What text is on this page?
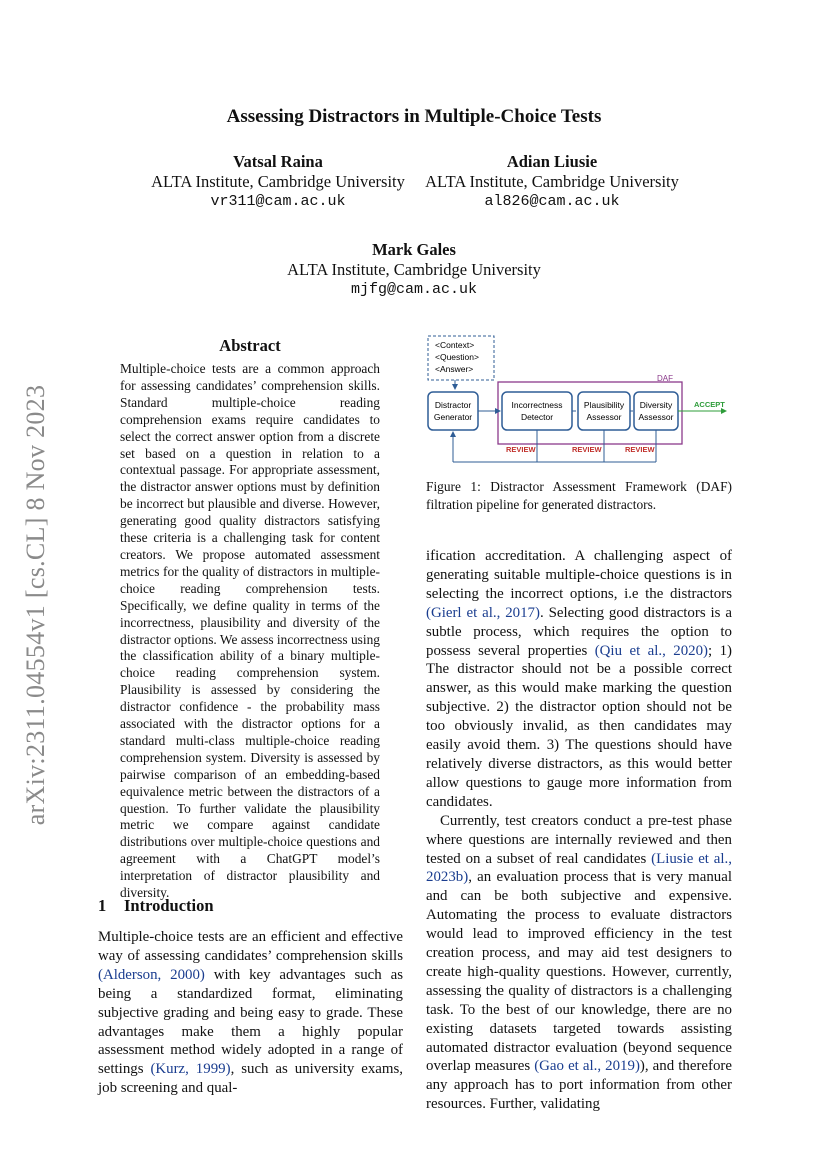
arXiv:2311.04554v1 [cs.CL] 8 Nov 2023
Assessing Distractors in Multiple-Choice Tests
Vatsal Raina
ALTA Institute, Cambridge University
vr311@cam.ac.uk
Adian Liusie
ALTA Institute, Cambridge University
al826@cam.ac.uk
Mark Gales
ALTA Institute, Cambridge University
mjfg@cam.ac.uk
Abstract
Multiple-choice tests are a common approach for assessing candidates’ comprehension skills. Standard multiple-choice reading comprehension exams require candidates to select the correct answer option from a discrete set based on a question in relation to a contextual passage. For appropriate assessment, the distractor answer options must by definition be incorrect but plausible and diverse. However, generating good quality distractors satisfying these criteria is a challenging task for content creators. We propose automated assessment metrics for the quality of distractors in multiple-choice reading comprehension tests. Specifically, we define quality in terms of the incorrectness, plausibility and diversity of the distractor options. We assess incorrectness using the classification ability of a binary multiple-choice reading comprehension system. Plausibility is assessed by considering the distractor confidence - the probability mass associated with the distractor options for a standard multi-class multiple-choice reading comprehension system. Diversity is assessed by pairwise comparison of an embedding-based equivalence metric between the distractors of a question. To further validate the plausibility metric we compare against candidate distributions over multiple-choice questions and agreement with a ChatGPT model’s interpretation of distractor plausibility and diversity.
1 Introduction

Multiple-choice tests are an efficient and effective way of assessing candidates’ comprehension skills (Alderson, 2000) with key advantages such as being a standardized format, eliminating subjective grading and being easy to grade. These advantages make them a highly popular assessment method widely adopted in a range of settings (Kurz, 1999), such as university exams, job screening and qual-

ification accreditation. A challenging aspect of generating suitable multiple-choice questions is in selecting the incorrect options, i.e the distractors (Gierl et al., 2017). Selecting good distractors is a subtle process, which requires the option to possess several properties (Qiu et al., 2020); 1) The distractor should not be a possible correct answer, as this would make marking the question subjective. 2) the distractor option should not be too obviously invalid, as then candidates may easily avoid them. 3) The questions should have relatively diverse distractors, as this would better allow questions to gauge more information from candidates.

Currently, test creators conduct a pre-test phase where questions are internally reviewed and then tested on a subset of real candidates (Liusie et al., 2023b), an evaluation process that is very manual and can be both subjective and expensive. Automating the process to evaluate distractors would lead to improved efficiency in the test creation process, and may aid test designers to create high-quality questions. However, currently, assessing the quality of distractors is a challenging task. To the best of our knowledge, there are no existing datasets targeted towards assisting automated distractor evaluation (beyond sequence overlap measures (Gao et al., 2019)), and therefore any approach has to port information from other resources. Further, validating

<Context>
<Question>
<Answer>
DAF
Distractor
Generator
Incorrectness
Detector
Plausibility
Assessor
Diversity
Assessor
ACCEPT
REVIEW	REVIEW	REVIEW
Figure 1: Distractor Assessment Framework (DAF) filtration pipeline for generated distractors.
